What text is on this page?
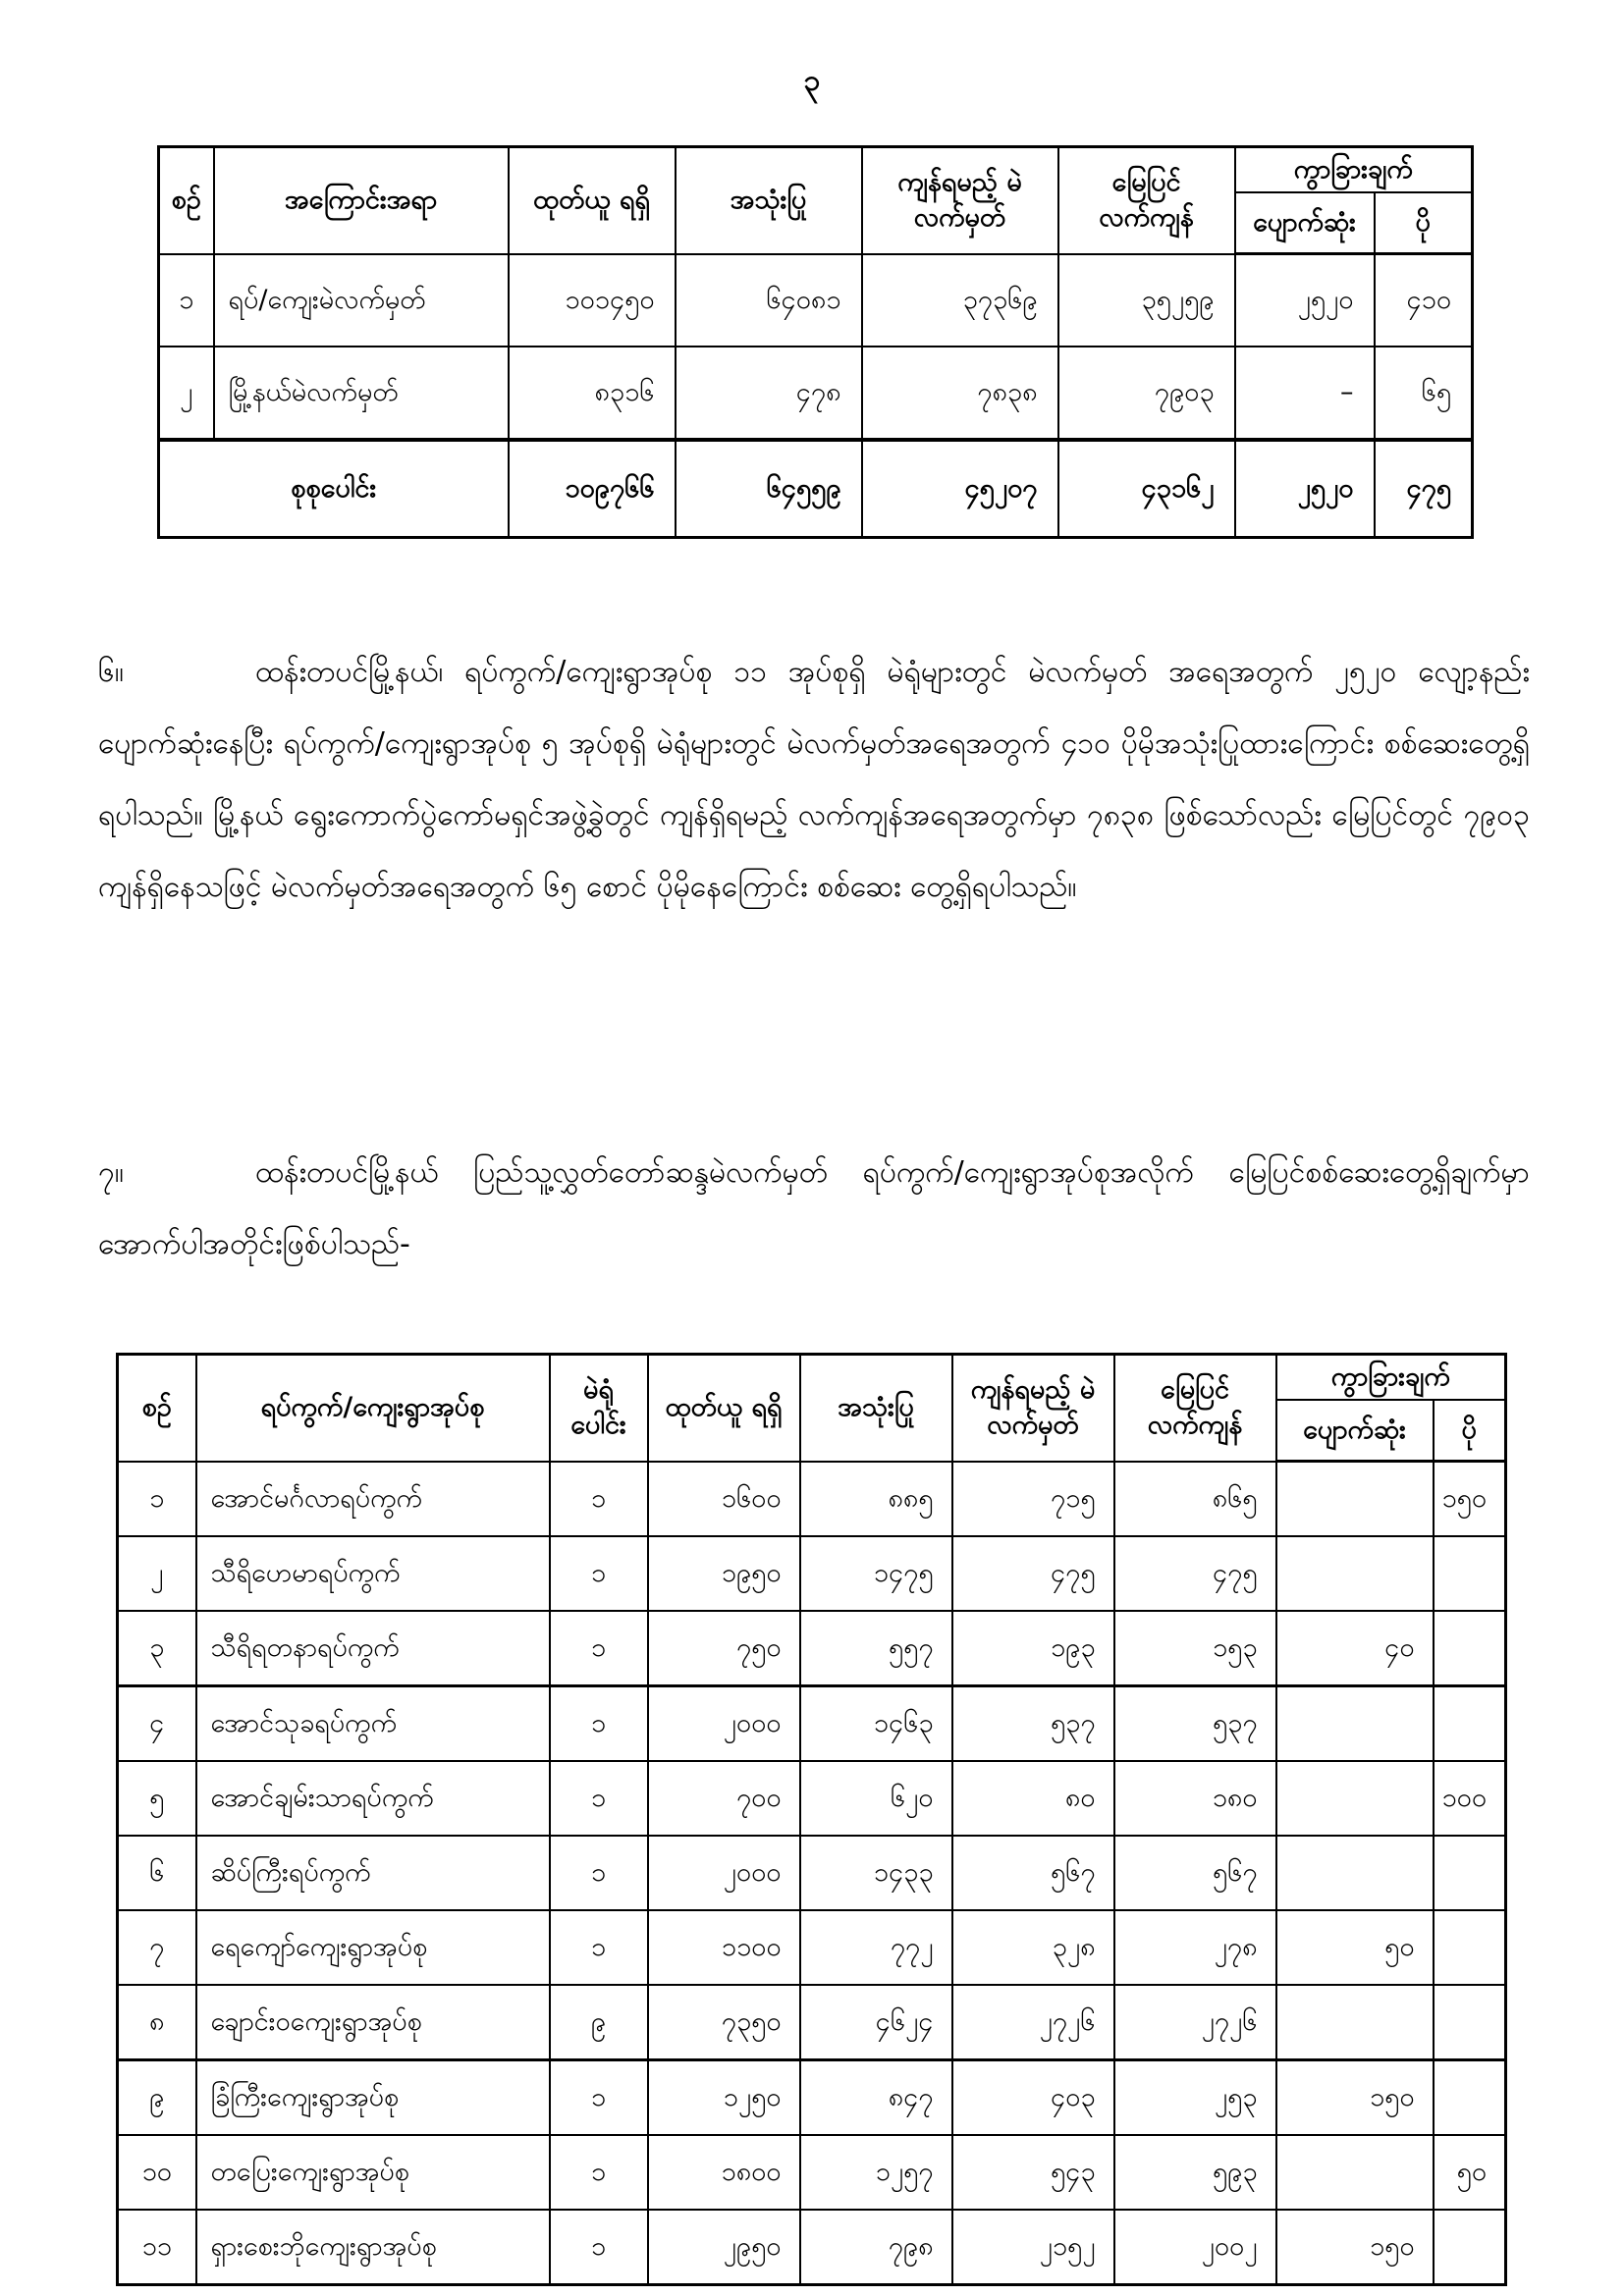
၃
စဉ်	အကြောင်းအရာ	ထုတ်ယူ ရရှိ	အသုံးပြု	ကျန်ရမည့် မဲလက်မှတ်	မြေပြင် လက်ကျန်	ကွာခြားချက်	
						ပျောက်ဆုံး	ပို
၁	ရပ်/ကျေးမဲလက်မှတ်	၁၀၁၄၅၀	၆၄၀၈၁	၃၇၃၆၉	၃၅၂၅၉	၂၅၂၀	၄၁၀
၂	မြို့နယ်မဲလက်မှတ်	၈၃၁၆	၄၇၈	၇၈၃၈	၇၉၀၃	–	၆၅
စုစုပေါင်း		၁၀၉၇၆၆	၆၄၅၅၉	၄၅၂၀၇	၄၃၁၆၂	၂၅၂၀	၄၇၅
၆။	ထန်းတပင်မြို့နယ်၊ ရပ်ကွက်/ကျေးရွာအုပ်စု ၁၁ အုပ်စုရှိ မဲရုံများတွင် မဲလက်မှတ် အရေအတွက် ၂၅၂၀ လျော့နည်းပျောက်ဆုံးနေပြီး ရပ်ကွက်/ကျေးရွာအုပ်စု ၅ အုပ်စုရှိ မဲရုံများတွင် မဲလက်မှတ်အရေအတွက် ၄၁၀ ပိုမိုအသုံးပြုထားကြောင်း စစ်ဆေးတွေ့ရှိရပါသည်။ မြို့နယ် ရွေးကောက်ပွဲကော်မရှင်အဖွဲ့ခွဲတွင် ကျန်ရှိရမည့် လက်ကျန်အရေအတွက်မှာ ၇၈၃၈ ဖြစ်သော်လည်း မြေပြင်တွင် ၇၉၀၃ ကျန်ရှိနေသဖြင့် မဲလက်မှတ်အရေအတွက် ၆၅ စောင် ပိုမိုနေကြောင်း စစ်ဆေး တွေ့ရှိရပါသည်။
၇။	ထန်းတပင်မြို့နယ် ပြည်သူ့လွှတ်တော်ဆန္ဒမဲလက်မှတ် ရပ်ကွက်/ကျေးရွာအုပ်စုအလိုက် မြေပြင်စစ်ဆေးတွေ့ရှိချက်မှာ အောက်ပါအတိုင်းဖြစ်ပါသည်-
စဉ်	ရပ်ကွက်/ကျေးရွာအုပ်စု	မဲရုံ ပေါင်း	ထုတ်ယူ ရရှိ	အသုံးပြု	ကျန်ရမည့် မဲလက်မှတ်	မြေပြင် လက်ကျန်	ကွာခြားချက်	
							ပျောက်ဆုံး	ပို
၁	အောင်မင်္ဂလာရပ်ကွက်	၁	၁၆၀၀	၈၈၅	၇၁၅	၈၆၅		၁၅၀
၂	သီရိဟေမာရပ်ကွက်	၁	၁၉၅၀	၁၄၇၅	၄၇၅	၄၇၅		
၃	သီရိရတနာရပ်ကွက်	၁	၇၅၀	၅၅၇	၁၉၃	၁၅၃	၄၀	
၄	အောင်သုခရပ်ကွက်	၁	၂၀၀၀	၁၄၆၃	၅၃၇	၅၃၇		
၅	အောင်ချမ်းသာရပ်ကွက်	၁	၇၀၀	၆၂၀	၈၀	၁၈၀		၁၀၀
၆	ဆိပ်ကြီးရပ်ကွက်	၁	၂၀၀၀	၁၄၃၃	၅၆၇	၅၆၇		
၇	ရေကျော်ကျေးရွာအုပ်စု	၁	၁၁၀၀	၇၇၂	၃၂၈	၂၇၈	၅၀	
၈	ချောင်းဝကျေးရွာအုပ်စု	၉	၇၃၅၀	၄၆၂၄	၂၇၂၆	၂၇၂၆		
၉	ခြံကြီးကျေးရွာအုပ်စု	၁	၁၂၅၀	၈၄၇	၄၀၃	၂၅၃	၁၅၀	
၁၀	တပြေးကျေးရွာအုပ်စု	၁	၁၈၀၀	၁၂၅၇	၅၄၃	၅၉၃		၅၀
၁၁	ရှားစေးဘိုကျေးရွာအုပ်စု	၁	၂၉၅၀	၇၉၈	၂၁၅၂	၂၀၀၂	၁၅၀	
